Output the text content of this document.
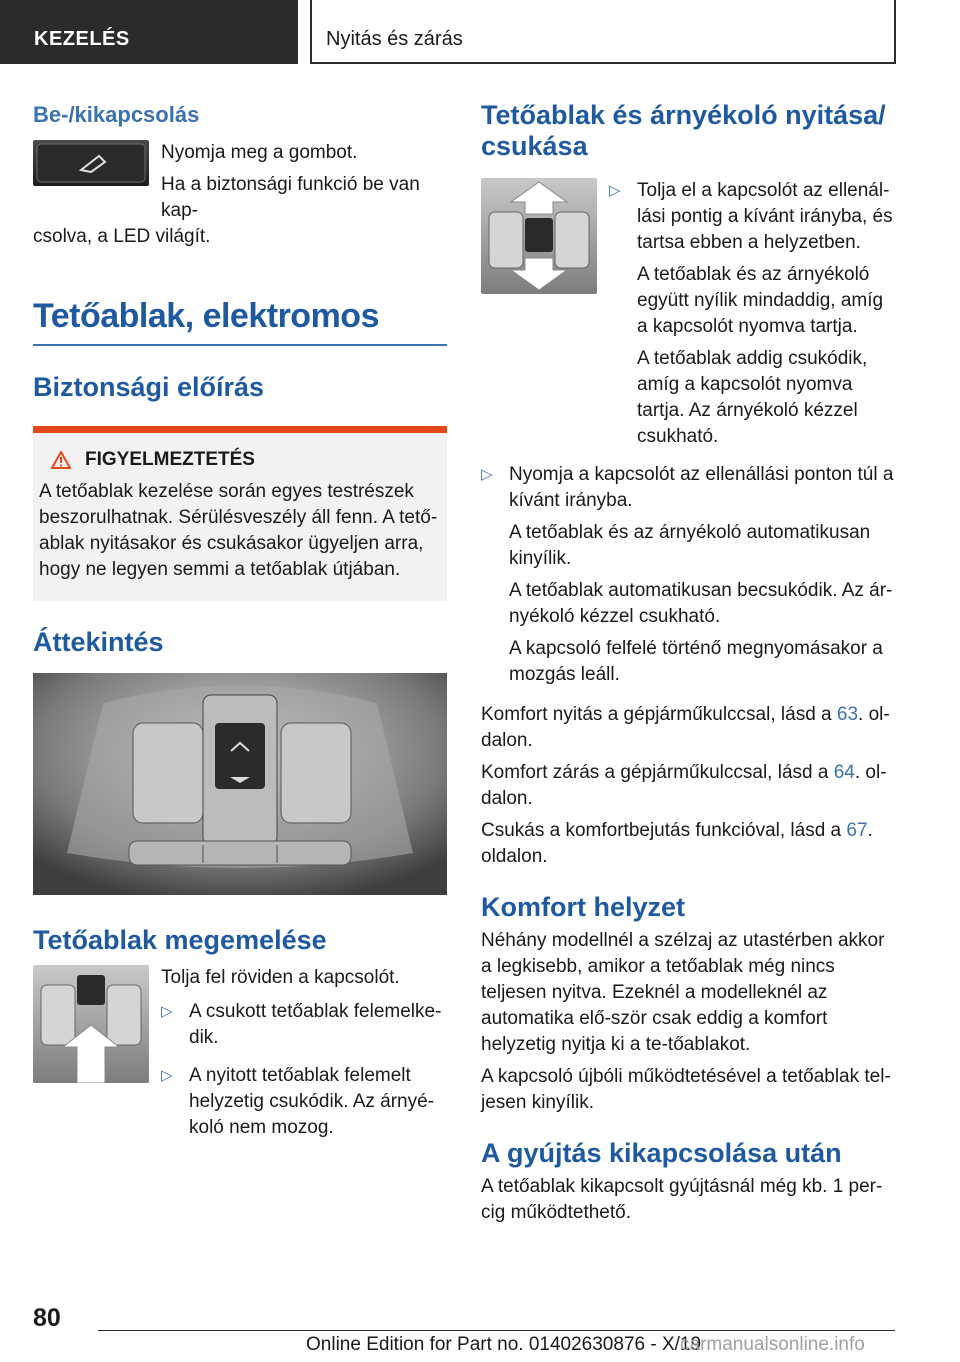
KEZELÉS	Nyitás és zárás
Be-/kikapcsolás

Nyomja meg a gombot.

Ha a biztonsági funkció be van kap‐

csolva, a LED világít.

Tetőablak, elektromos
Biztonsági előírás
FIGYELMEZTETÉS

A tetőablak kezelése során egyes testrészek beszorulhatnak. Sérülésveszély áll fenn. A tető‐ablak nyitásakor és csukásakor ügyeljen arra, hogy ne legyen semmi a tetőablak útjában.

Áttekintés
Tetőablak megemelése

Tolja fel röviden a kapcsolót.

▷ A csukott tetőablak felemelke‐dik.

▷ A nyitott tetőablak felemelt helyzetig csukódik. Az árnyé‐koló nem mozog.

Tetőablak és árnyékoló nyitása/ csukása
▷ Tolja el a kapcsolót az ellenál‐lási pontig a kívánt irányba, és tartsa ebben a helyzetben.

A tetőablak és az árnyékoló együtt nyílik mindaddig, amíg a kapcsolót nyomva tartja.

A tetőablak addig csukódik, amíg a kapcsolót nyomva tartja. Az árnyékoló kézzel csukható.

▷ Nyomja a kapcsolót az ellenállási ponton túl a kívánt irányba.

A tetőablak és az árnyékoló automatikusan kinyílik.

A tetőablak automatikusan becsukódik. Az ár‐nyékoló kézzel csukható.

A kapcsoló felfelé történő megnyomásakor a mozgás leáll.

Komfort nyitás a gépjárműkulccsal, lásd a 63. ol‐dalon.

Komfort zárás a gépjárműkulccsal, lásd a 64. ol‐dalon.

Csukás a komfortbejutás funkcióval, lásd a 67. oldalon.

Komfort helyzet

Néhány modellnél a szélzaj az utastérben akkor a legkisebb, amikor a tetőablak még nincs teljesen nyitva. Ezeknél a modelleknél az automatika elő‐ször csak eddig a komfort helyzetig nyitja ki a te‐tőablakot.

A kapcsoló újbóli működtetésével a tetőablak tel‐jesen kinyílik.

A gyújtás kikapcsolása után

A tetőablak kikapcsolt gyújtásnál még kb. 1 per‐cig működtethető.

80
Online Edition for Part no. 01402630876 - X/19
carmanualsonline.info
